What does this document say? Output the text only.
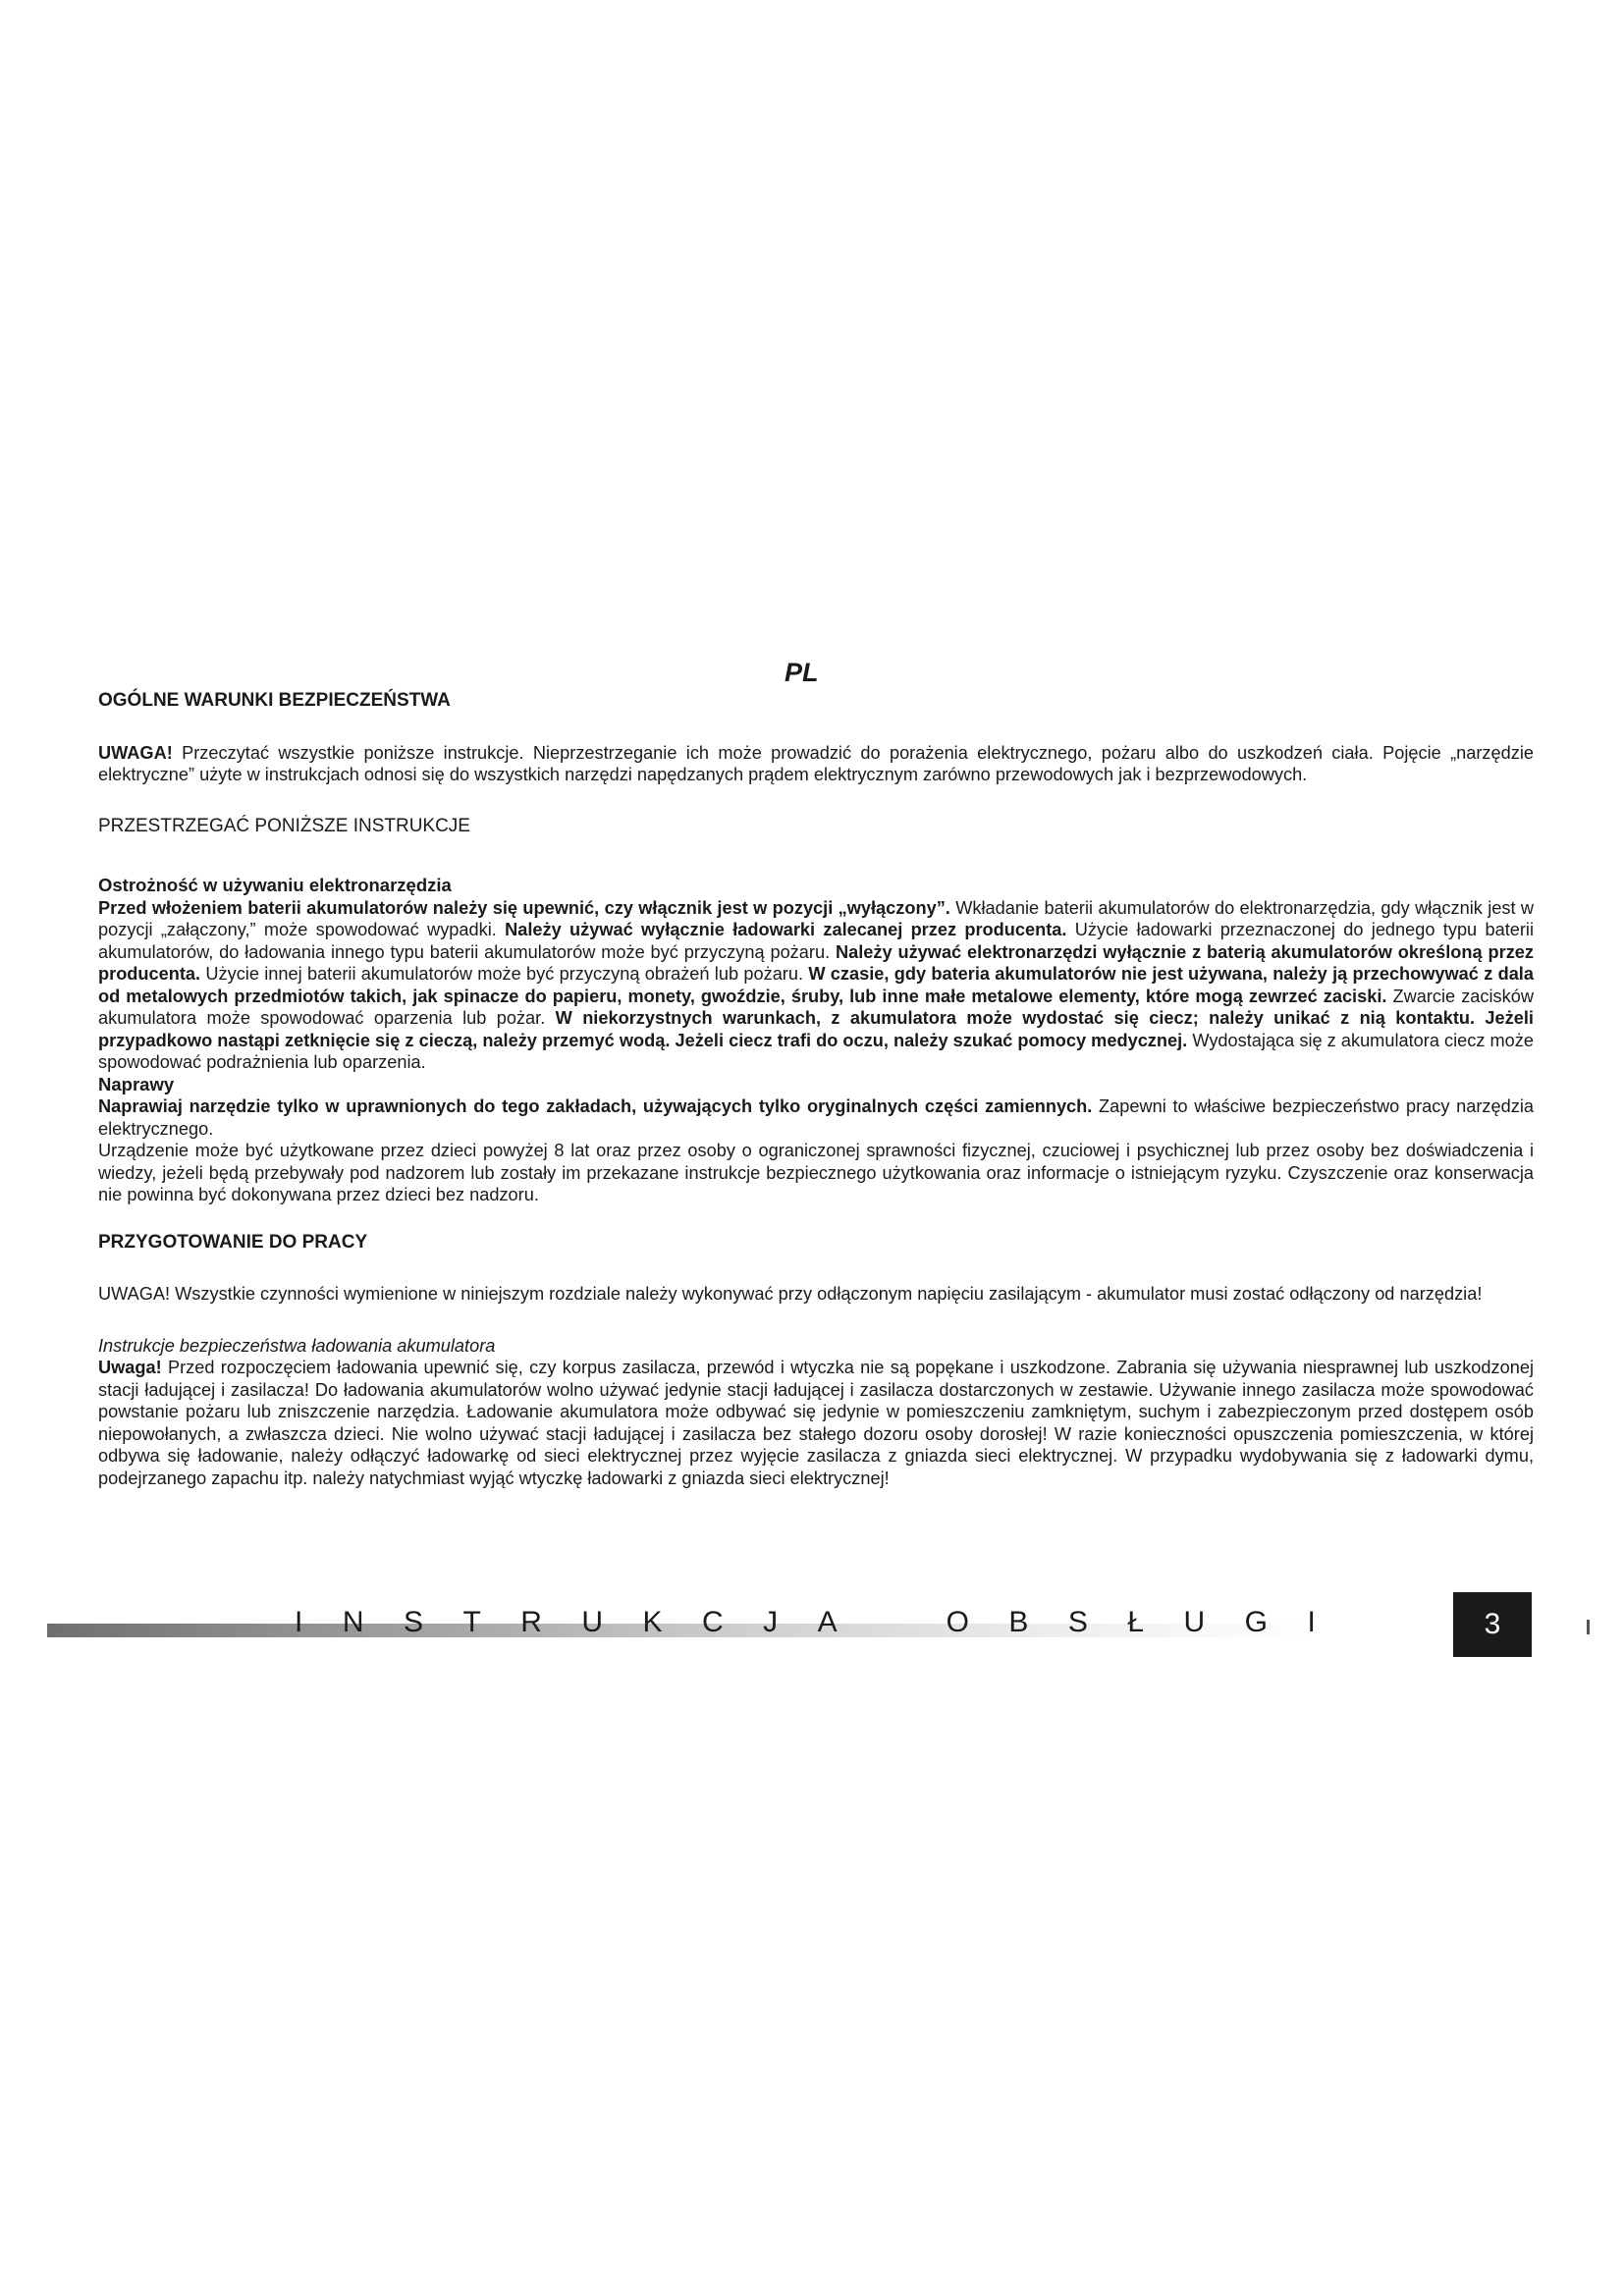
PL

OGÓLNE WARUNKI BEZPIECZEŃSTWA

UWAGA! Przeczytać wszystkie poniższe instrukcje. Nieprzestrzeganie ich może prowadzić do porażenia elektrycznego, pożaru albo do uszkodzeń ciała. Pojęcie „narzędzie elektryczne” użyte w instrukcjach odnosi się do wszystkich narzędzi napędzanych prądem elektrycznym zarówno przewodowych jak i bezprzewodowych.

PRZESTRZEGAĆ PONIŻSZE INSTRUKCJE

Ostrożność w używaniu elektronarzędzia

Przed włożeniem baterii akumulatorów należy się upewnić, czy włącznik jest w pozycji „wyłączony”. Wkładanie baterii akumulatorów do elektronarzędzia, gdy włącznik jest w pozycji „załączony,” może spowodować wypadki. Należy używać wyłącznie ładowarki zalecanej przez producenta. Użycie ładowarki przeznaczonej do jednego typu baterii akumulatorów, do ładowania innego typu baterii akumulatorów może być przyczyną pożaru. Należy używać elektronarzędzi wyłącznie z baterią akumulatorów określoną przez producenta. Użycie innej baterii akumulatorów może być przyczyną obrażeń lub pożaru. W czasie, gdy bateria akumulatorów nie jest używana, należy ją przechowywać z dala od metalowych przedmiotów takich, jak spinacze do papieru, monety, gwoździe, śruby, lub inne małe metalowe elementy, które mogą zewrzeć zaciski. Zwarcie zacisków akumulatora może spowodować oparzenia lub pożar. W niekorzystnych warunkach, z akumulatora może wydostać się ciecz; należy unikać z nią kontaktu. Jeżeli przypadkowo nastąpi zetknięcie się z cieczą, należy przemyć wodą. Jeżeli ciecz trafi do oczu, należy szukać pomocy medycznej. Wydostająca się z akumulatora ciecz może spowodować podrażnienia lub oparzenia.

Naprawy

Naprawiaj narzędzie tylko w uprawnionych do tego zakładach, używających tylko oryginalnych części zamiennych. Zapewni to właściwe bezpieczeństwo pracy narzędzia elektrycznego.

Urządzenie może być użytkowane przez dzieci powyżej 8 lat oraz przez osoby o ograniczonej sprawności fizycznej, czuciowej i psychicznej lub przez osoby bez doświadczenia i wiedzy, jeżeli będą przebywały pod nadzorem lub zostały im przekazane instrukcje bezpiecznego użytkowania oraz informacje o istniejącym ryzyku. Czyszczenie oraz konserwacja nie powinna być dokonywana przez dzieci bez nadzoru.

PRZYGOTOWANIE DO PRACY

UWAGA! Wszystkie czynności wymienione w niniejszym rozdziale należy wykonywać przy odłączonym napięciu zasilającym - akumulator musi zostać odłączony od narzędzia!

Instrukcje bezpieczeństwa ładowania akumulatora

Uwaga! Przed rozpoczęciem ładowania upewnić się, czy korpus zasilacza, przewód i wtyczka nie są popękane i uszkodzone. Zabrania się używania niesprawnej lub uszkodzonej stacji ładującej i zasilacza! Do ładowania akumulatorów wolno używać jedynie stacji ładującej i zasilacza dostarczonych w zestawie. Używanie innego zasilacza może spowodować powstanie pożaru lub zniszczenie narzędzia. Ładowanie akumulatora może odbywać się jedynie w pomieszczeniu zamkniętym, suchym i zabezpieczonym przed dostępem osób niepowołanych, a zwłaszcza dzieci. Nie wolno używać stacji ładującej i zasilacza bez stałego dozoru osoby dorosłej! W razie konieczności opuszczenia pomieszczenia, w której odbywa się ładowanie, należy odłączyć ładowarkę od sieci elektrycznej przez wyjęcie zasilacza z gniazda sieci elektrycznej. W przypadku wydobywania się z ładowarki dymu, podejrzanego zapachu itp. należy natychmiast wyjąć wtyczkę ładowarki z gniazda sieci elektrycznej!

I N S T R U K C J A	O B S Ł U G I	3
